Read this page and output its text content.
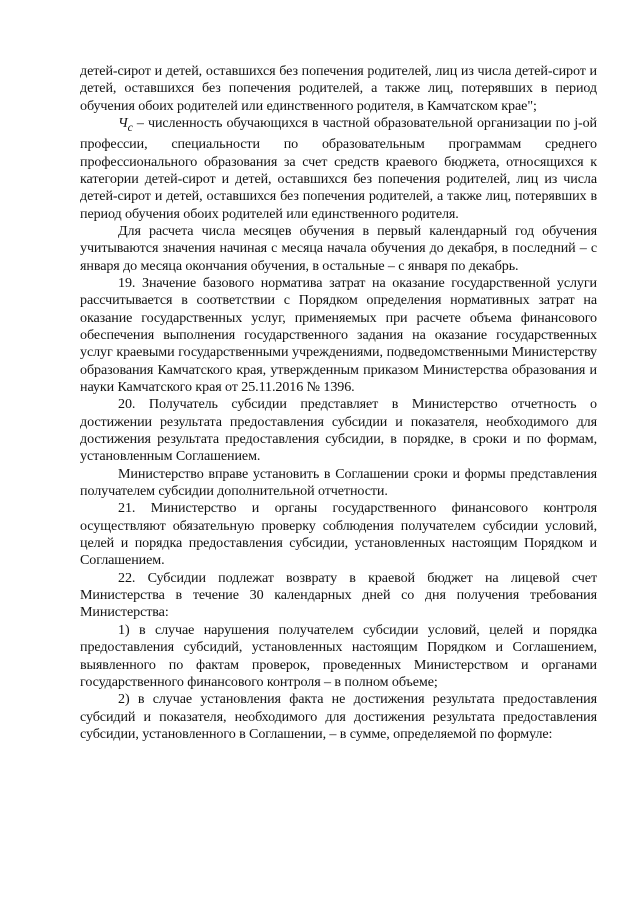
детей-сирот и детей, оставшихся без попечения родителей, лиц из числа детей-сирот и детей, оставшихся без попечения родителей, а также лиц, потерявших в период обучения обоих родителей или единственного родителя, в Камчатском крае";

$Ч_с$ – численность обучающихся в частной образовательной организации по j-ой профессии, специальности по образовательным программам среднего профессионального образования за счет средств краевого бюджета, относящихся к категории детей-сирот и детей, оставшихся без попечения родителей, лиц из числа детей-сирот и детей, оставшихся без попечения родителей, а также лиц, потерявших в период обучения обоих родителей или единственного родителя.

Для расчета числа месяцев обучения в первый календарный год обучения учитываются значения начиная с месяца начала обучения до декабря, в последний – с января до месяца окончания обучения, в остальные – с января по декабрь.

19. Значение базового норматива затрат на оказание государственной услуги рассчитывается в соответствии с Порядком определения нормативных затрат на оказание государственных услуг, применяемых при расчете объема финансового обеспечения выполнения государственного задания на оказание государственных услуг краевыми государственными учреждениями, подведомственными Министерству образования Камчатского края, утвержденным приказом Министерства образования и науки Камчатского края от 25.11.2016 № 1396.

20. Получатель субсидии представляет в Министерство отчетность о достижении результата предоставления субсидии и показателя, необходимого для достижения результата предоставления субсидии, в порядке, в сроки и по формам, установленным Соглашением.

Министерство вправе установить в Соглашении сроки и формы представления получателем субсидии дополнительной отчетности.

21. Министерство и органы государственного финансового контроля осуществляют обязательную проверку соблюдения получателем субсидии условий, целей и порядка предоставления субсидии, установленных настоящим Порядком и Соглашением.

22. Субсидии подлежат возврату в краевой бюджет на лицевой счет Министерства в течение 30 календарных дней со дня получения требования Министерства:

1) в случае нарушения получателем субсидии условий, целей и порядка предоставления субсидий, установленных настоящим Порядком и Соглашением, выявленного по фактам проверок, проведенных Министерством и органами государственного финансового контроля – в полном объеме;

2) в случае установления факта не достижения результата предоставления субсидий и показателя, необходимого для достижения результата предоставления субсидии, установленного в Соглашении, – в сумме, определяемой по формуле:
